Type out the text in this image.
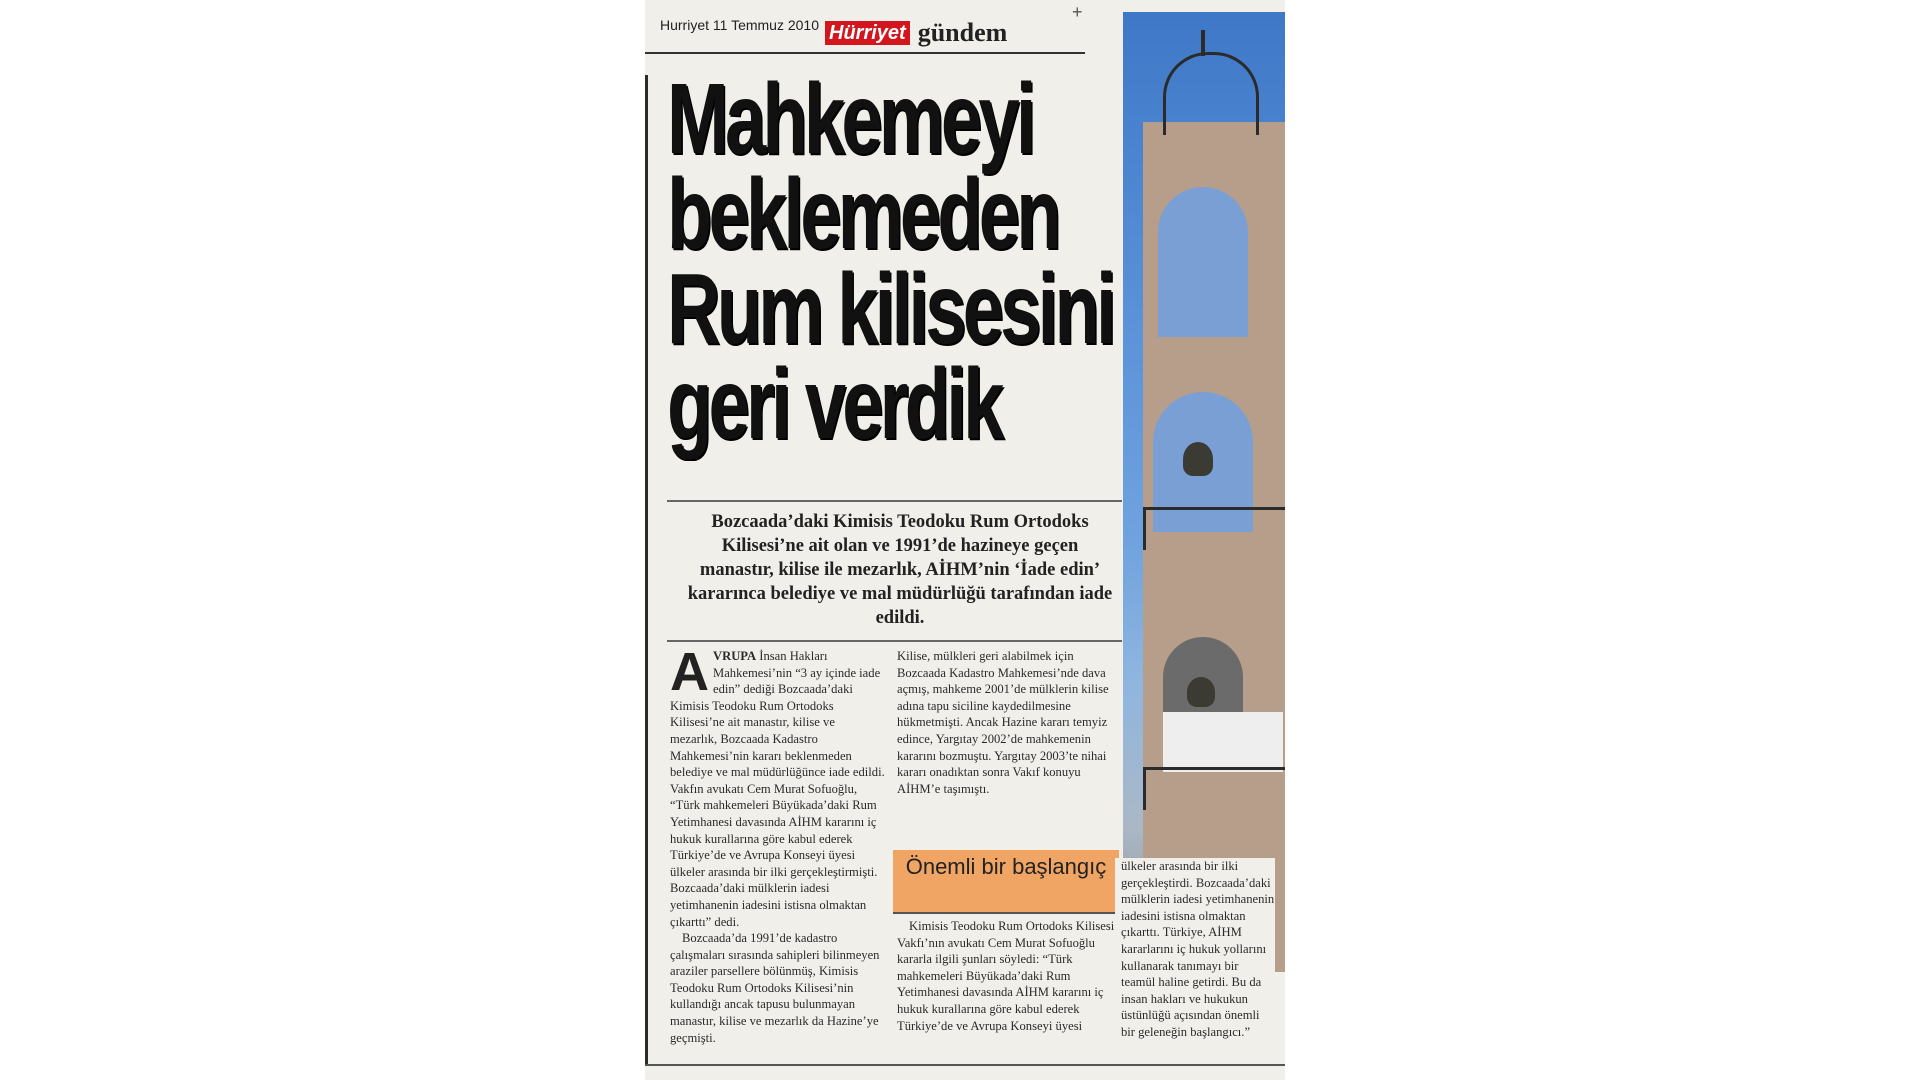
Hurriyet 11 Temmuz 2010 Hürriyet gündem
+
Mahkemeyi
beklemeden
Rum kilisesini
geri verdik
Bozcaada’daki Kimisis Teodoku Rum Ortodoks Kilisesi’ne ait olan ve 1991’de hazineye geçen manastır, kilise ile mezarlık, AİHM’nin ‘İade edin’ kararınca belediye ve mal müdürlüğü tarafından iade edildi.

AVRUPA İnsan Hakları Mahkemesi’nin “3 ay içinde iade edin” dediği Bozcaada’daki Kimisis Teodoku Rum Ortodoks Kilisesi’ne ait manastır, kilise ve mezarlık, Bozcaada Kadastro Mahkemesi’nin kararı beklenmeden belediye ve mal müdürlüğünce iade edildi. Vakfın avukatı Cem Murat Sofuoğlu, “Türk mahkemeleri Büyükada’daki Rum Yetimhanesi davasında AİHM kararını iç hukuk kurallarına göre kabul ederek Türkiye’de ve Avrupa Konseyi üyesi ülkeler arasında bir ilki gerçekleştirmişti. Bozcaada’daki mülklerin iadesi yetimhanenin iadesini istisna olmaktan çıkarttı” dedi.

Bozcaada’da 1991’de kadastro çalışmaları sırasında sahipleri bilinmeyen araziler parsellere bölünmüş, Kimisis Teodoku Rum Ortodoks Kilisesi’nin kullandığı ancak tapusu bulunmayan manastır, kilise ve mezarlık da Hazine’ye geçmişti.

Kilise, mülkleri geri alabilmek için Bozcaada Kadastro Mahkemesi’nde dava açmış, mahkeme 2001’de mülklerin kilise adına tapu siciline kaydedilmesine hükmetmişti. Ancak Hazine kararı temyiz edince, Yargıtay 2002’de mahkemenin kararını bozmuştu. Yargıtay 2003’te nihai kararı onadıktan sonra Vakıf konuyu AİHM’e taşımıştı.

Önemli bir başlangıç

Kimisis Teodoku Rum Ortodoks Kilisesi Vakfı’nın avukatı Cem Murat Sofuoğlu kararla ilgili şunları söyledi: “Türk mahkemeleri Büyükada’daki Rum Yetimhanesi davasında AİHM kararını iç hukuk kurallarına göre kabul ederek Türkiye’de ve Avrupa Konseyi üyesi

ülkeler arasında bir ilki gerçekleştirdi. Bozcaada’daki mülklerin iadesi yetimhanenin iadesini istisna olmaktan çıkarttı. Türkiye, AİHM kararlarını iç hukuk yollarını kullanarak tanımayı bir teamül haline getirdi. Bu da insan hakları ve hukukun üstünlüğü açısından önemli bir geleneğin başlangıcı.”
